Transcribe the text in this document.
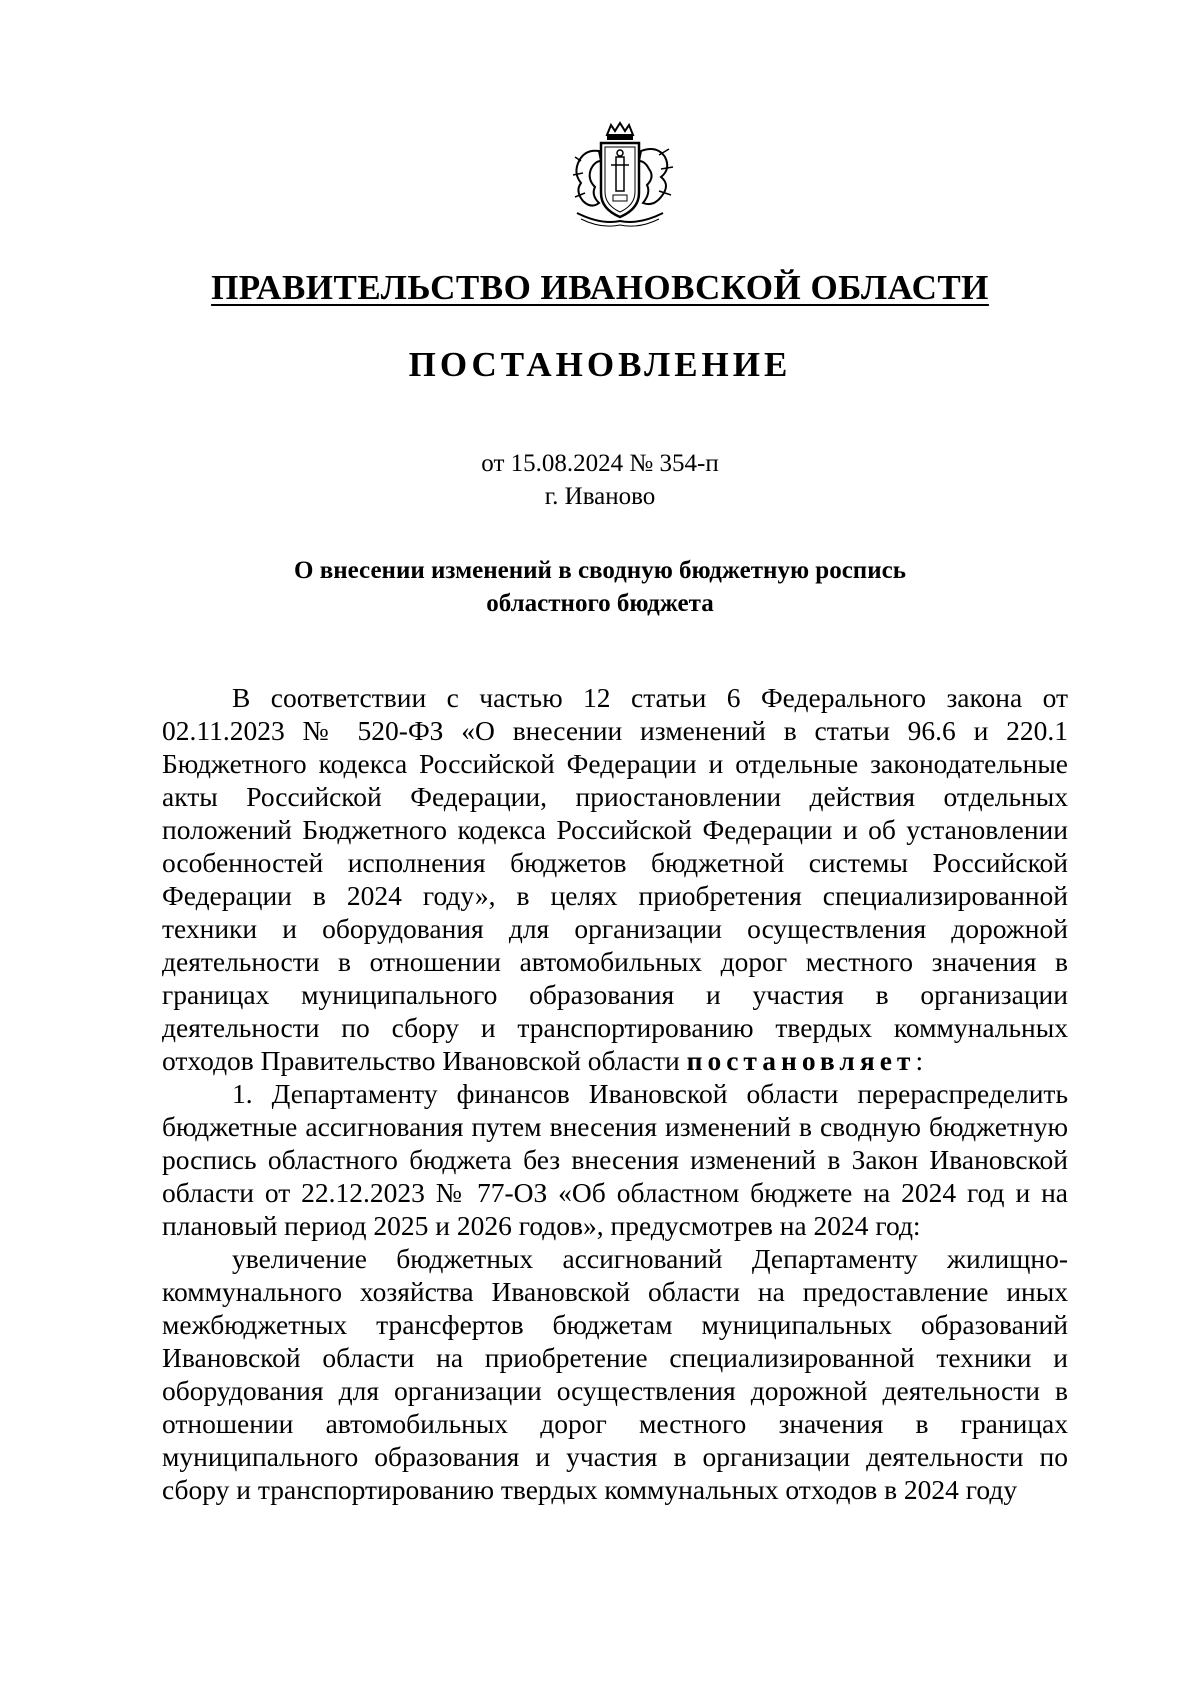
ПРАВИТЕЛЬСТВО ИВАНОВСКОЙ ОБЛАСТИ
ПОСТАНОВЛЕНИЕ
от 15.08.2024 № 354-п
г. Иваново
О внесении изменений в сводную бюджетную роспись
областного бюджета

В соответствии с частью 12 статьи 6 Федерального закона от 02.11.2023 № 520-ФЗ «О внесении изменений в статьи 96.6 и 220.1 Бюджетного кодекса Российской Федерации и отдельные законодательные акты Российской Федерации, приостановлении действия отдельных положений Бюджетного кодекса Российской Федерации и об установлении особенностей исполнения бюджетов бюджетной системы Российской Федерации в 2024 году», в целях приобретения специализированной техники и оборудования для организации осуществления дорожной деятельности в отношении автомобильных дорог местного значения в границах муниципального образования и участия в организации деятельности по сбору и транспортированию твердых коммунальных отходов Правительство Ивановской области постановляет:

1. Департаменту финансов Ивановской области перераспределить бюджетные ассигнования путем внесения изменений в сводную бюджетную роспись областного бюджета без внесения изменений в Закон Ивановской области от 22.12.2023 № 77-ОЗ «Об областном бюджете на 2024 год и на плановый период 2025 и 2026 годов», предусмотрев на 2024 год:

увеличение бюджетных ассигнований Департаменту жилищно-коммунального хозяйства Ивановской области на предоставление иных межбюджетных трансфертов бюджетам муниципальных образований Ивановской области на приобретение специализированной техники и оборудования для организации осуществления дорожной деятельности в отношении автомобильных дорог местного значения в границах муниципального образования и участия в организации деятельности по сбору и транспортированию твердых коммунальных отходов в 2024 году
